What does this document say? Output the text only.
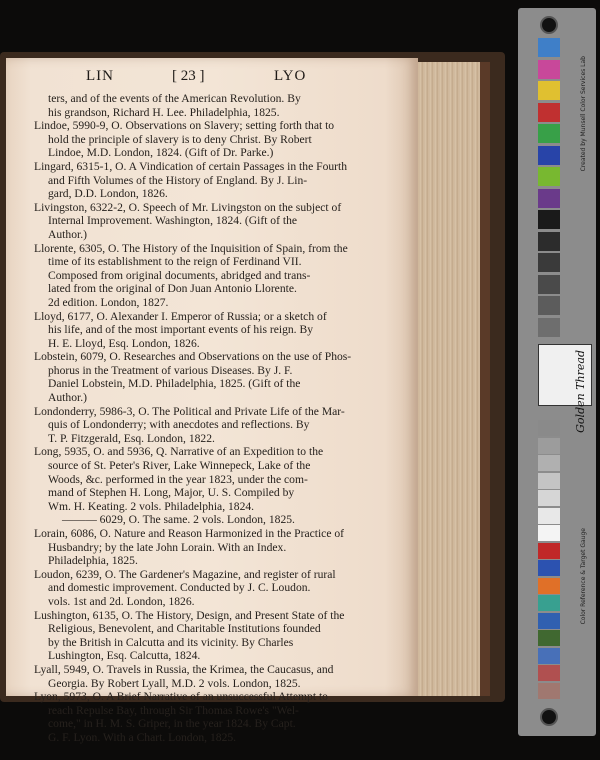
LIN	[ 23 ]	LYO
ters, and of the events of the American Revolution. By
his grandson, Richard H. Lee. Philadelphia, 1825.
Lindoe, 5990-9, O. Observations on Slavery; setting forth that to
hold the principle of slavery is to deny Christ. By Robert
Lindoe, M.D. London, 1824. (Gift of Dr. Parke.)
Lingard, 6315-1, O. A Vindication of certain Passages in the Fourth
and Fifth Volumes of the History of England. By J. Lin-
gard, D.D. London, 1826.
Livingston, 6322-2, O. Speech of Mr. Livingston on the subject of
Internal Improvement. Washington, 1824. (Gift of the
Author.)
Llorente, 6305, O. The History of the Inquisition of Spain, from the
time of its establishment to the reign of Ferdinand VII.
Composed from original documents, abridged and trans-
lated from the original of Don Juan Antonio Llorente.
2d edition. London, 1827.
Lloyd, 6177, O. Alexander I. Emperor of Russia; or a sketch of
his life, and of the most important events of his reign. By
H. E. Lloyd, Esq. London, 1826.
Lobstein, 6079, O. Researches and Observations on the use of Phos-
phorus in the Treatment of various Diseases. By J. F.
Daniel Lobstein, M.D. Philadelphia, 1825. (Gift of the
Author.)
Londonderry, 5986-3, O. The Political and Private Life of the Mar-
quis of Londonderry; with anecdotes and reflections. By
T. P. Fitzgerald, Esq. London, 1822.
Long, 5935, O. and 5936, Q. Narrative of an Expedition to the
source of St. Peter's River, Lake Winnepeck, Lake of the
Woods, &c. performed in the year 1823, under the com-
mand of Stephen H. Long, Major, U. S. Compiled by
Wm. H. Keating. 2 vols. Philadelphia, 1824.
——— 6029, O. The same. 2 vols. London, 1825.
Lorain, 6086, O. Nature and Reason Harmonized in the Practice of
Husbandry; by the late John Lorain. With an Index.
Philadelphia, 1825.
Loudon, 6239, O. The Gardener's Magazine, and register of rural
and domestic improvement. Conducted by J. C. Loudon.
vols. 1st and 2d. London, 1826.
Lushington, 6135, O. The History, Design, and Present State of the
Religious, Benevolent, and Charitable Institutions founded
by the British in Calcutta and its vicinity. By Charles
Lushington, Esq. Calcutta, 1824.
Lyall, 5949, O. Travels in Russia, the Krimea, the Caucasus, and
Georgia. By Robert Lyall, M.D. 2 vols. London, 1825.
Lyon, 5973, O. A Brief Narrative of an unsuccessful Attempt to
reach Repulse Bay, through Sir Thomas Rowe's "Wel-
come," in H. M. S. Griper, in the year 1824. By Capt.
G. F. Lyon. With a Chart. London, 1825.
Created by Munsell Color Services Lab
Golden Thread
Color Reference & Target Gauge
